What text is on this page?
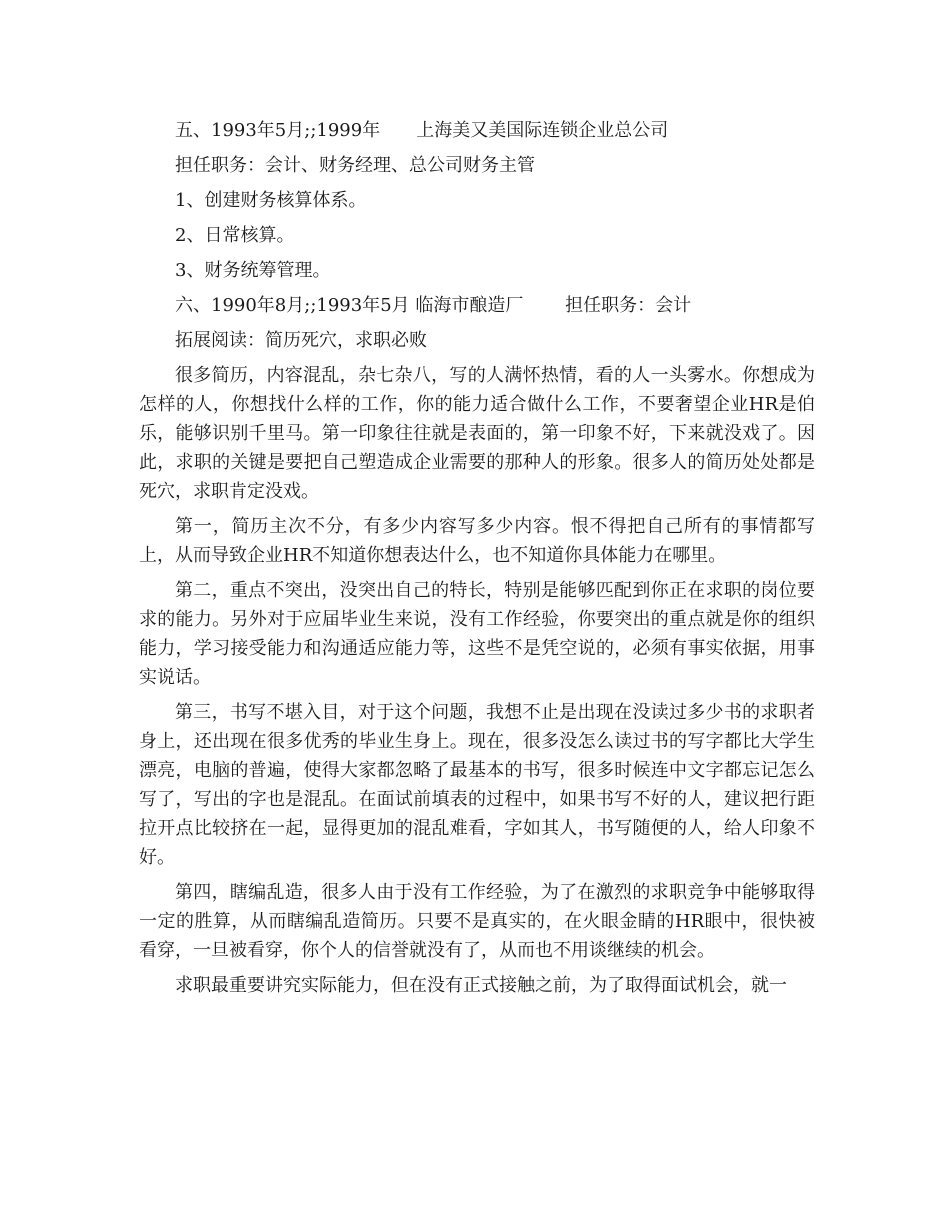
五、1993年5月;;1999年　　上海美又美国际连锁企业总公司

担任职务：会计、财务经理、总公司财务主管

1、创建财务核算体系。

2、日常核算。

3、财务统筹管理。

六、1990年8月;;1993年5月 临海市酿造厂　　 担任职务：会计

拓展阅读：简历死穴，求职必败

很多简历，内容混乱，杂七杂八，写的人满怀热情，看的人一头雾水。你想成为怎样的人，你想找什么样的工作，你的能力适合做什么工作，不要奢望企业HR是伯乐，能够识别千里马。第一印象往往就是表面的，第一印象不好，下来就没戏了。因此，求职的关键是要把自己塑造成企业需要的那种人的形象。很多人的简历处处都是死穴，求职肯定没戏。

第一，简历主次不分，有多少内容写多少内容。恨不得把自己所有的事情都写上，从而导致企业HR不知道你想表达什么，也不知道你具体能力在哪里。

第二，重点不突出，没突出自己的特长，特别是能够匹配到你正在求职的岗位要求的能力。另外对于应届毕业生来说，没有工作经验，你要突出的重点就是你的组织能力，学习接受能力和沟通适应能力等，这些不是凭空说的，必须有事实依据，用事实说话。

第三，书写不堪入目，对于这个问题，我想不止是出现在没读过多少书的求职者身上，还出现在很多优秀的毕业生身上。现在，很多没怎么读过书的写字都比大学生漂亮，电脑的普遍，使得大家都忽略了最基本的书写，很多时候连中文字都忘记怎么写了，写出的字也是混乱。在面试前填表的过程中，如果书写不好的人，建议把行距拉开点比较挤在一起，显得更加的混乱难看，字如其人，书写随便的人，给人印象不好。

第四，瞎编乱造，很多人由于没有工作经验，为了在激烈的求职竞争中能够取得一定的胜算，从而瞎编乱造简历。只要不是真实的，在火眼金睛的HR眼中，很快被看穿，一旦被看穿，你个人的信誉就没有了，从而也不用谈继续的机会。

求职最重要讲究实际能力，但在没有正式接触之前，为了取得面试机会，就一
